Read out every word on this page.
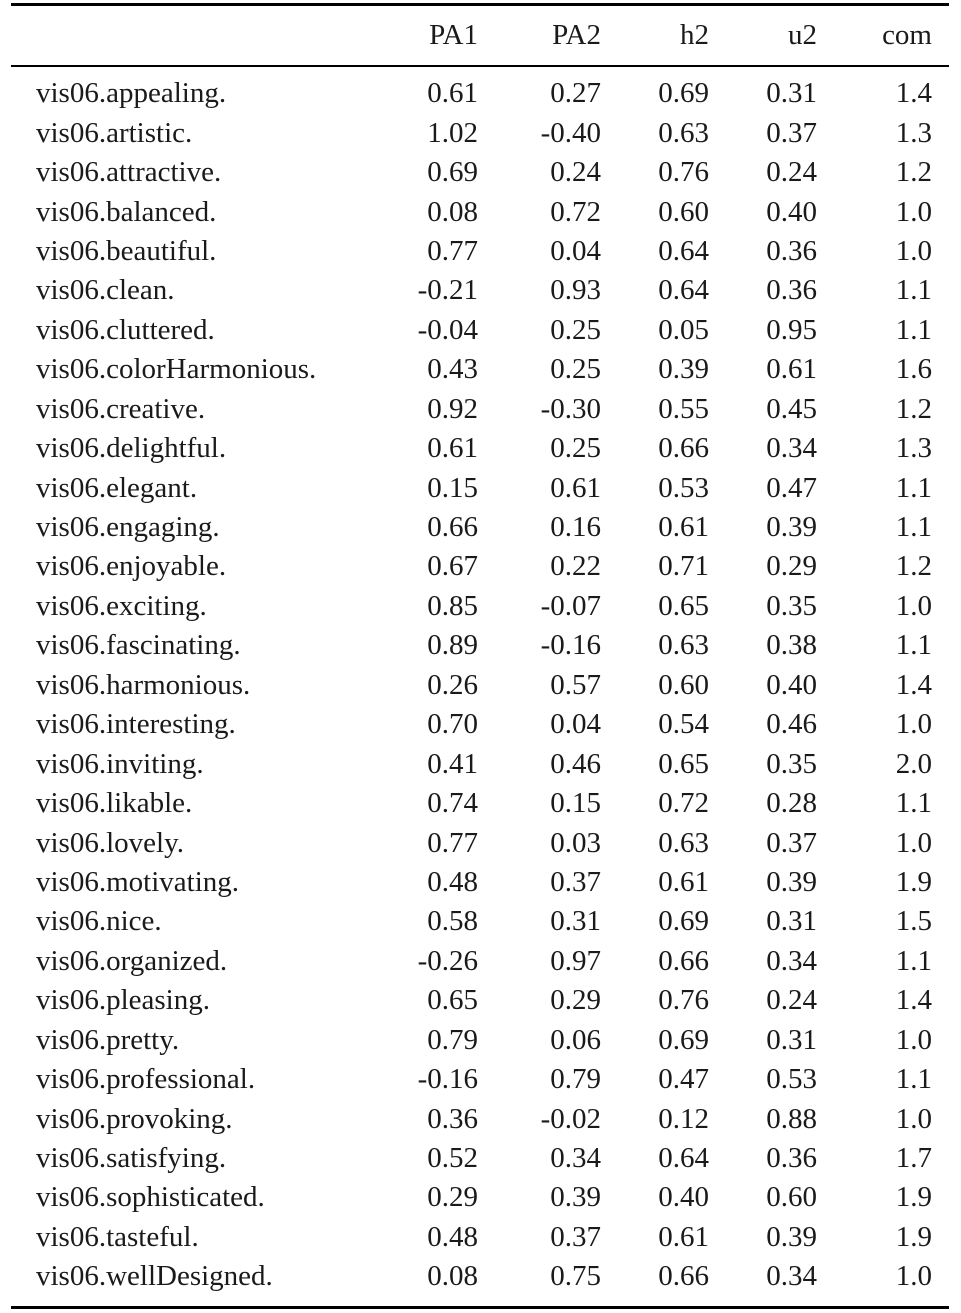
	PA1	PA2	h2	u2	com	
vis06.appealing.	0.61	0.27	0.69	0.31	1.4	
vis06.artistic.	1.02	-0.40	0.63	0.37	1.3	
vis06.attractive.	0.69	0.24	0.76	0.24	1.2	
vis06.balanced.	0.08	0.72	0.60	0.40	1.0	
vis06.beautiful.	0.77	0.04	0.64	0.36	1.0	
vis06.clean.	-0.21	0.93	0.64	0.36	1.1	
vis06.cluttered.	-0.04	0.25	0.05	0.95	1.1	
vis06.colorHarmonious.	0.43	0.25	0.39	0.61	1.6	
vis06.creative.	0.92	-0.30	0.55	0.45	1.2	
vis06.delightful.	0.61	0.25	0.66	0.34	1.3	
vis06.elegant.	0.15	0.61	0.53	0.47	1.1	
vis06.engaging.	0.66	0.16	0.61	0.39	1.1	
vis06.enjoyable.	0.67	0.22	0.71	0.29	1.2	
vis06.exciting.	0.85	-0.07	0.65	0.35	1.0	
vis06.fascinating.	0.89	-0.16	0.63	0.38	1.1	
vis06.harmonious.	0.26	0.57	0.60	0.40	1.4	
vis06.interesting.	0.70	0.04	0.54	0.46	1.0	
vis06.inviting.	0.41	0.46	0.65	0.35	2.0	
vis06.likable.	0.74	0.15	0.72	0.28	1.1	
vis06.lovely.	0.77	0.03	0.63	0.37	1.0	
vis06.motivating.	0.48	0.37	0.61	0.39	1.9	
vis06.nice.	0.58	0.31	0.69	0.31	1.5	
vis06.organized.	-0.26	0.97	0.66	0.34	1.1	
vis06.pleasing.	0.65	0.29	0.76	0.24	1.4	
vis06.pretty.	0.79	0.06	0.69	0.31	1.0	
vis06.professional.	-0.16	0.79	0.47	0.53	1.1	
vis06.provoking.	0.36	-0.02	0.12	0.88	1.0	
vis06.satisfying.	0.52	0.34	0.64	0.36	1.7	
vis06.sophisticated.	0.29	0.39	0.40	0.60	1.9	
vis06.tasteful.	0.48	0.37	0.61	0.39	1.9	
vis06.wellDesigned.	0.08	0.75	0.66	0.34	1.0	
